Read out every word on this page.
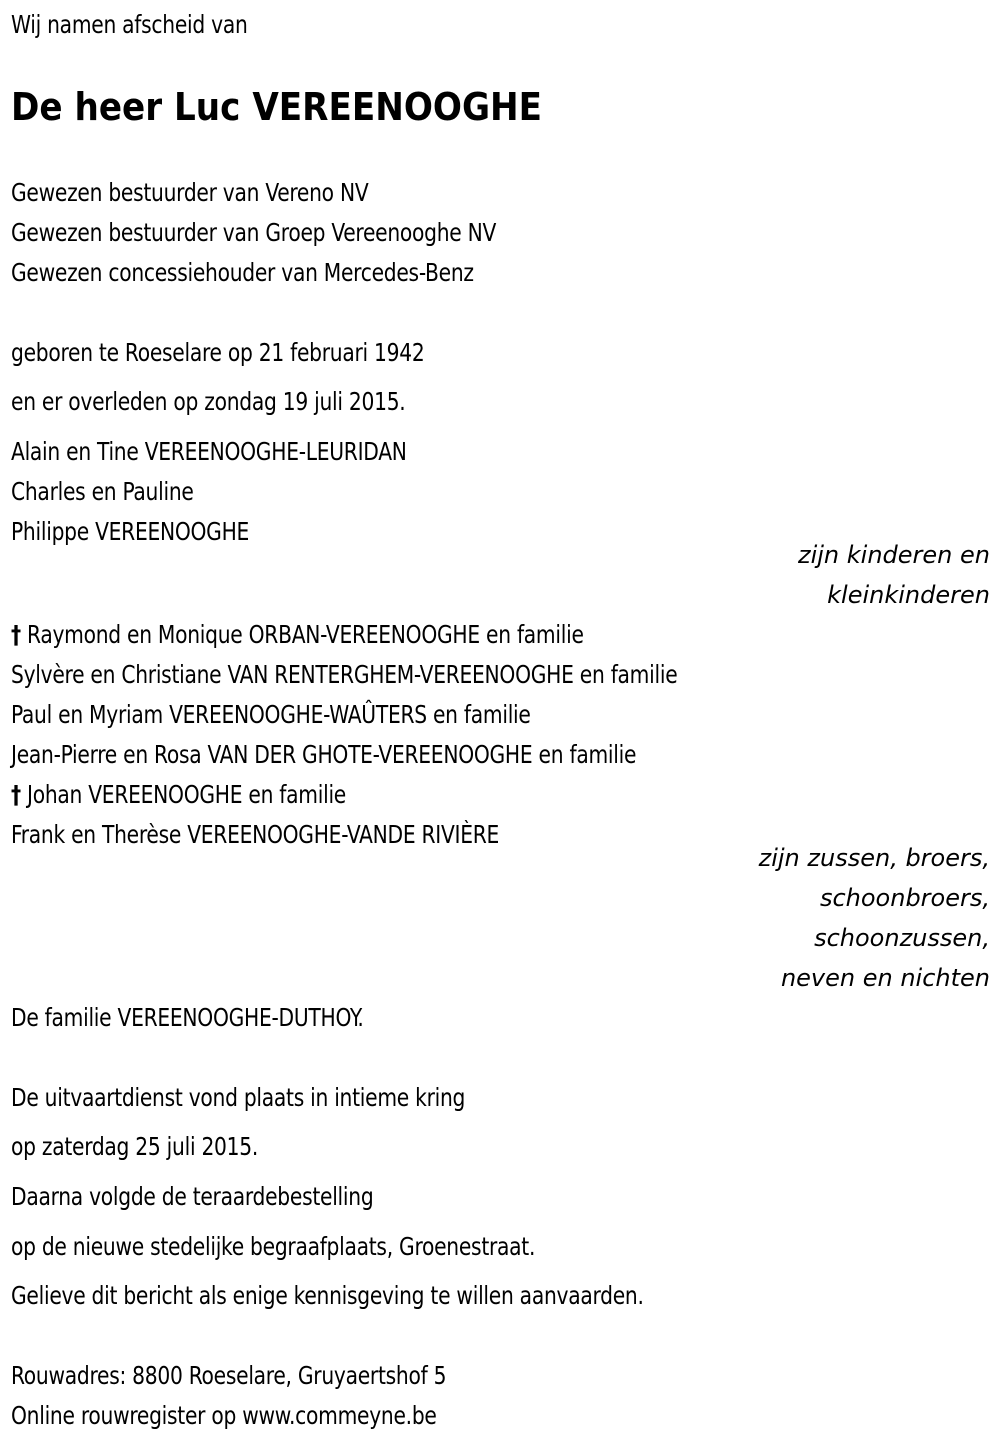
Wij namen afscheid van
De heer Luc VEREENOOGHE
Gewezen bestuurder van Vereno NV
Gewezen bestuurder van Groep Vereenooghe NV
Gewezen concessiehouder van Mercedes-Benz
geboren te Roeselare op 21 februari 1942
en er overleden op zondag 19 juli 2015.
Alain en Tine VEREENOOGHE-LEURIDAN
Charles en Pauline
Philippe VEREENOOGHE
zijn kinderen en
kleinkinderen
† Raymond en Monique ORBAN-VEREENOOGHE en familie
Sylvère en Christiane VAN RENTERGHEM-VEREENOOGHE en familie
Paul en Myriam VEREENOOGHE-WAÛTERS en familie
Jean-Pierre en Rosa VAN DER GHOTE-VEREENOOGHE en familie
† Johan VEREENOOGHE en familie
Frank en Therèse VEREENOOGHE-VANDE RIVIÈRE
zijn zussen, broers,
schoonbroers,
schoonzussen,
neven en nichten
De familie VEREENOOGHE-DUTHOY.
De uitvaartdienst vond plaats in intieme kring
op zaterdag 25 juli 2015.
Daarna volgde de teraardebestelling
op de nieuwe stedelijke begraafplaats, Groenestraat.
Gelieve dit bericht als enige kennisgeving te willen aanvaarden.
Rouwadres: 8800 Roeselare, Gruyaertshof 5
Online rouwregister op www.commeyne.be
